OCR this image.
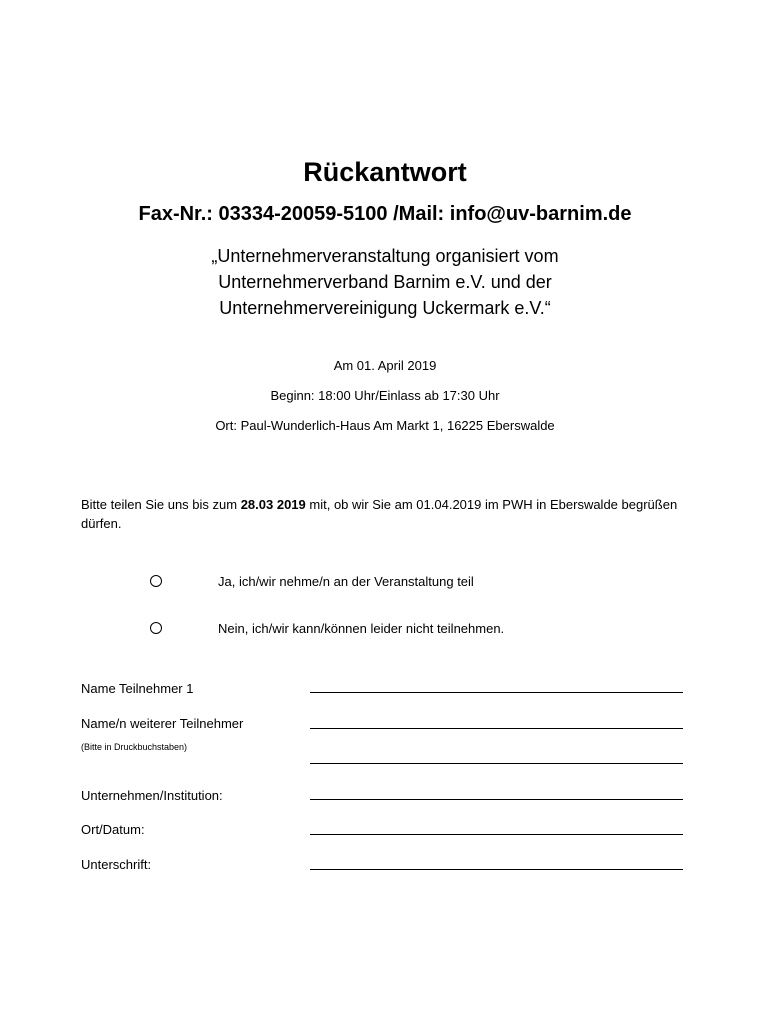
Rückantwort
Fax-Nr.: 03334-20059-5100 /Mail: info@uv-barnim.de
„Unternehmerveranstaltung organisiert vom
Unternehmerverband Barnim e.V. und der
Unternehmervereinigung Uckermark e.V.“
Am 01. April 2019
Beginn: 18:00 Uhr/Einlass ab 17:30 Uhr
Ort: Paul-Wunderlich-Haus Am Markt 1, 16225 Eberswalde
Bitte teilen Sie uns bis zum 28.03 2019 mit, ob wir Sie am 01.04.2019 im PWH in Eberswalde begrüßen dürfen.
Ja, ich/wir nehme/n an der Veranstaltung teil
Nein, ich/wir kann/können leider nicht teilnehmen.
Name Teilnehmer 1
Name/n weiterer Teilnehmer
(Bitte in Druckbuchstaben)
Unternehmen/Institution:
Ort/Datum:
Unterschrift:
